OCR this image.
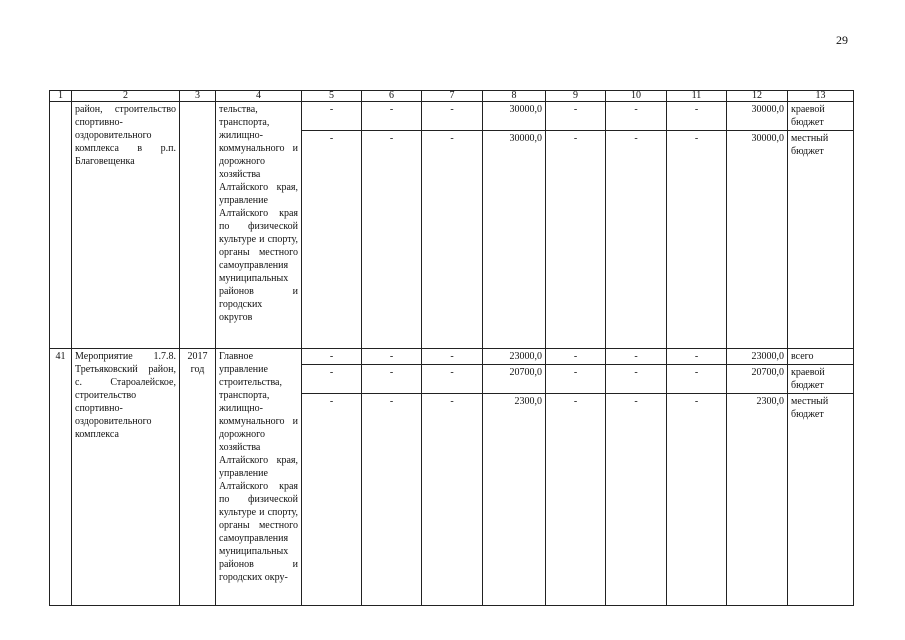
29
1	2	3	4	5	6	7	8	9	10	11	12	13
	район, строительство спортивно-оздоровительного комплекса в р.п. Благовещенка		тельства, транспорта, жилищно-коммунального и дорожного хозяйства Алтайского края, управление Алтайского края по физической культуре и спорту, органы местного самоуправления муниципальных районов и городских округов	-	-	-	30000,0	-	-	-	30000,0	краевой бюджет
				-	-	-	30000,0	-	-	-	30000,0	местный бюджет
41	Мероприятие 1.7.8. Третьяковский район, с. Староалейское, строительство спортивно-оздоровительного комплекса	2017 год	Главное управление строительства, транспорта, жилищно-коммунального и дорожного хозяйства Алтайского края, управление Алтайского края по физической культуре и спорту, органы местного самоуправления муниципальных районов и городских окру-	-	-	-	23000,0	-	-	-	23000,0	всего
				-	-	-	20700,0	-	-	-	20700,0	краевой бюджет
				-	-	-	2300,0	-	-	-	2300,0	местный бюджет
